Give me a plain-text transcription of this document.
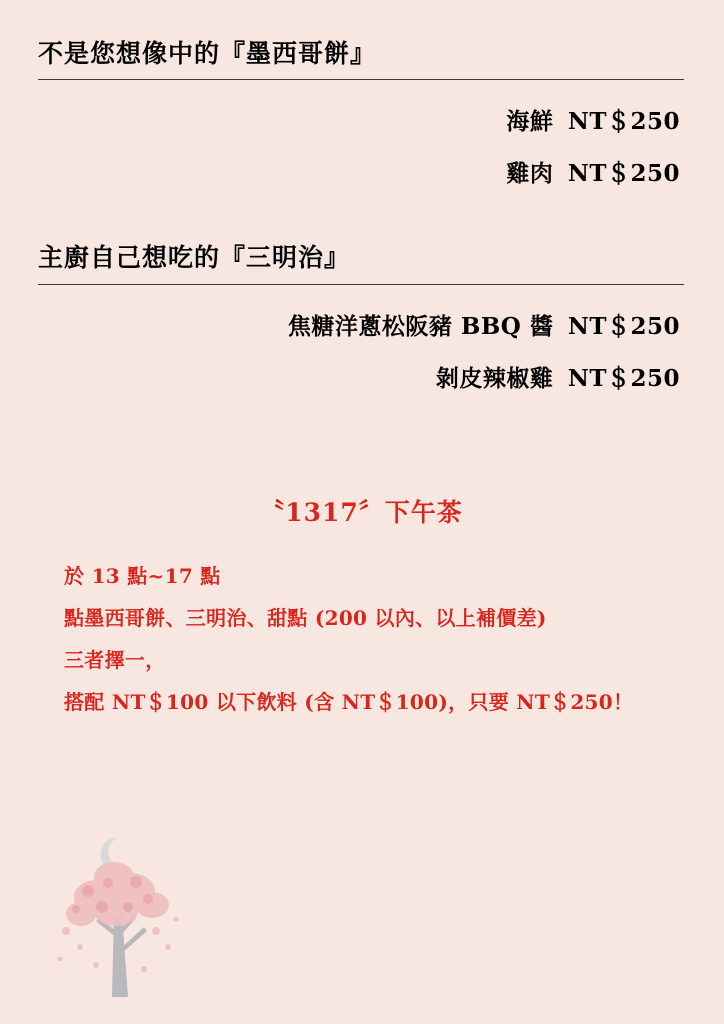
不是您想像中的『墨西哥餅』
海鮮 NT＄250
雞肉 NT＄250
主廚自己想吃的『三明治』
焦糖洋蔥松阪豬 BBQ 醬 NT＄250
剝皮辣椒雞 NT＄250
〝1317〞下午茶
於 13 點~17 點
點墨西哥餅、三明治、甜點 (200 以內、以上補價差)
三者擇一，
搭配 NT＄100 以下飲料 (含 NT＄100)，只要 NT＄250！
